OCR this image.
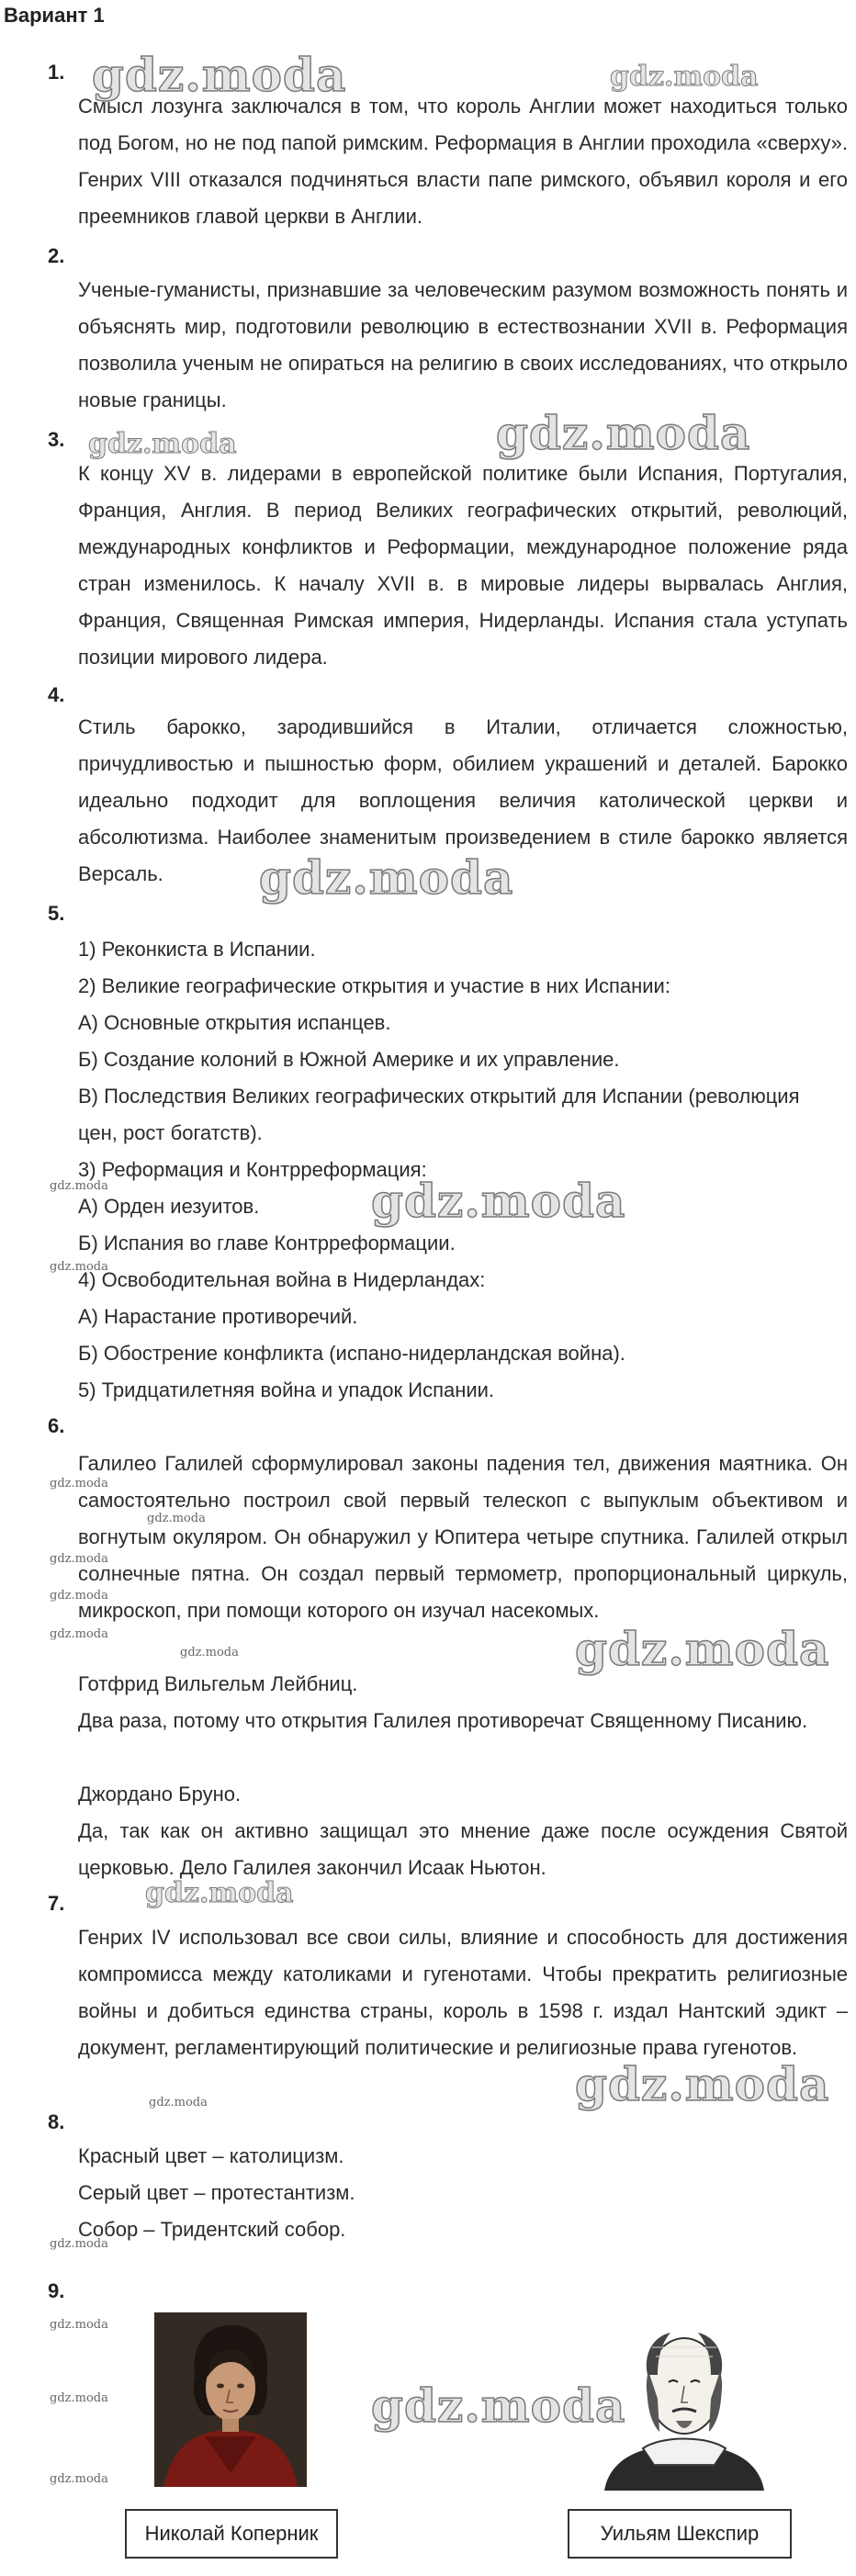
Вариант 1
1.

Смысл лозунга заключался в том, что король Англии может находиться только под Богом, но не под папой римским. Реформация в Англии проходила «сверху». Генрих VIII отказался подчиняться власти папе римского, объявил короля и его преемников главой церкви в Англии.

2.

Ученые-гуманисты, признавшие за человеческим разумом возможность понять и объяснять мир, подготовили революцию в естествознании XVII в. Реформация позволила ученым не опираться на религию в своих исследованиях, что открыло новые границы.

3.

К концу XV в. лидерами в европейской политике были Испания, Португалия, Франция, Англия. В период Великих географических открытий, революций, международных конфликтов и Реформации, международное положение ряда стран изменилось. К началу XVII в. в мировые лидеры вырвалась Англия, Франция, Священная Римская империя, Нидерланды. Испания стала уступать позиции мирового лидера.

4.

Стиль барокко, зародившийся в Италии, отличается сложностью, причудливостью и пышностью форм, обилием украшений и деталей. Барокко идеально подходит для воплощения величия католической церкви и абсолютизма. Наиболее знаменитым произведением в стиле барокко является Версаль.

5.
1) Реконкиста в Испании.
2) Великие географические открытия и участие в них Испании:
А) Основные открытия испанцев.
Б) Создание колоний в Южной Америке и их управление.
В) Последствия Великих географических открытий для Испании (революция
цен, рост богатств).
3) Реформация и Контрреформация:
А) Орден иезуитов.
Б) Испания во главе Контрреформации.
4) Освободительная война в Нидерландах:
А) Нарастание противоречий.
Б) Обострение конфликта (испано-нидерландская война).
5) Тридцатилетняя война и упадок Испании.
6.

Галилео Галилей сформулировал законы падения тел, движения маятника. Он самостоятельно построил свой первый телескоп с выпуклым объективом и вогнутым окуляром. Он обнаружил у Юпитера четыре спутника. Галилей открыл солнечные пятна. Он создал первый термометр, пропорциональный циркуль, микроскоп, при помощи которого он изучал насекомых.

Готфрид Вильгельм Лейбниц.

Два раза, потому что открытия Галилея противоречат Священному Писанию.

Джордано Бруно.

Да, так как он активно защищал это мнение даже после осуждения Святой церковью. Дело Галилея закончил Исаак Ньютон.

7.

Генрих IV использовал все свои силы, влияние и способность для достижения компромисса между католиками и гугенотами. Чтобы прекратить религиозные войны и добиться единства страны, король в 1598 г. издал Нантский эдикт – документ, регламентирующий политические и религиозные права гугенотов.

8.
Красный цвет – католицизм.
Серый цвет – протестантизм.
Собор – Тридентский собор.
9.
Николай Коперник	Уильям Шекспир
gdz.moda	gdz.moda
gdz.moda	gdz.moda
gdz.moda
gdz.moda	gdz.moda
gdz.moda
gdz.moda
gdz.moda
gdz.moda
gdz.moda
gdz.moda
gdz.moda	gdz.moda
gdz.moda
gdz.moda
gdz.moda
gdz.moda
gdz.moda
gdz.moda	gdz.moda
gdz.moda
